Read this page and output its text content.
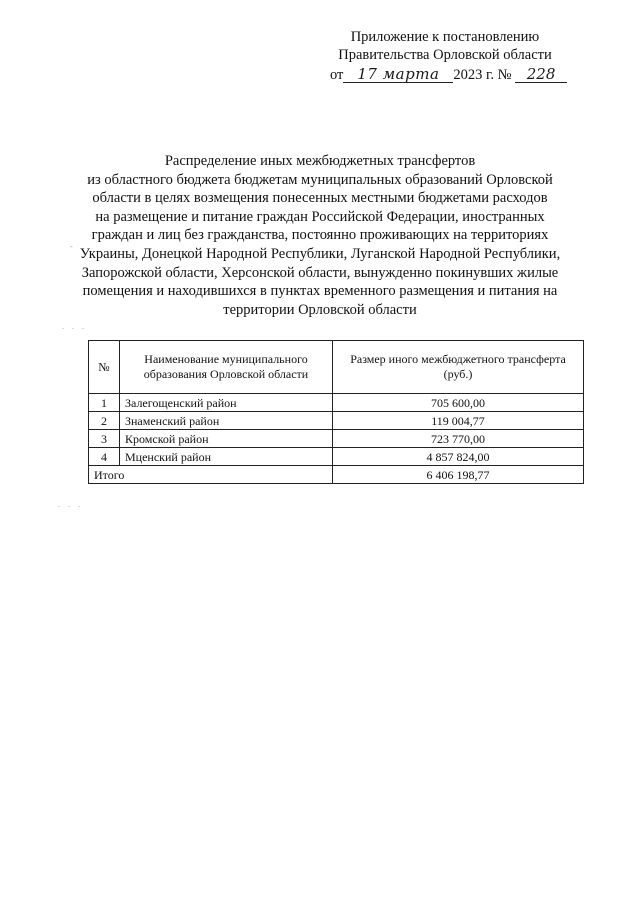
Приложение к постановлению
Правительства Орловской области
от 17 марта 2023 г. № 228
Распределение иных межбюджетных трансфертов
из областного бюджета бюджетам муниципальных образований Орловской
области в целях возмещения понесенных местными бюджетами расходов
на размещение и питание граждан Российской Федерации, иностранных
граждан и лиц без гражданства, постоянно проживающих на территориях
Украины, Донецкой Народной Республики, Луганской Народной Республики,
Запорожской области, Херсонской области, вынужденно покинувших жилые
помещения и находившихся в пунктах временного размещения и питания на
территории Орловской области
№	Наименование муниципального образования Орловской области	Размер иного межбюджетного трансферта (руб.)
1	Залегощенский район	705 600,00
2	Знаменский район	119 004,77
3	Кромской район	723 770,00
4	Мценский район	4 857 824,00
Итого		6 406 198,77
. . .
. . .
-
